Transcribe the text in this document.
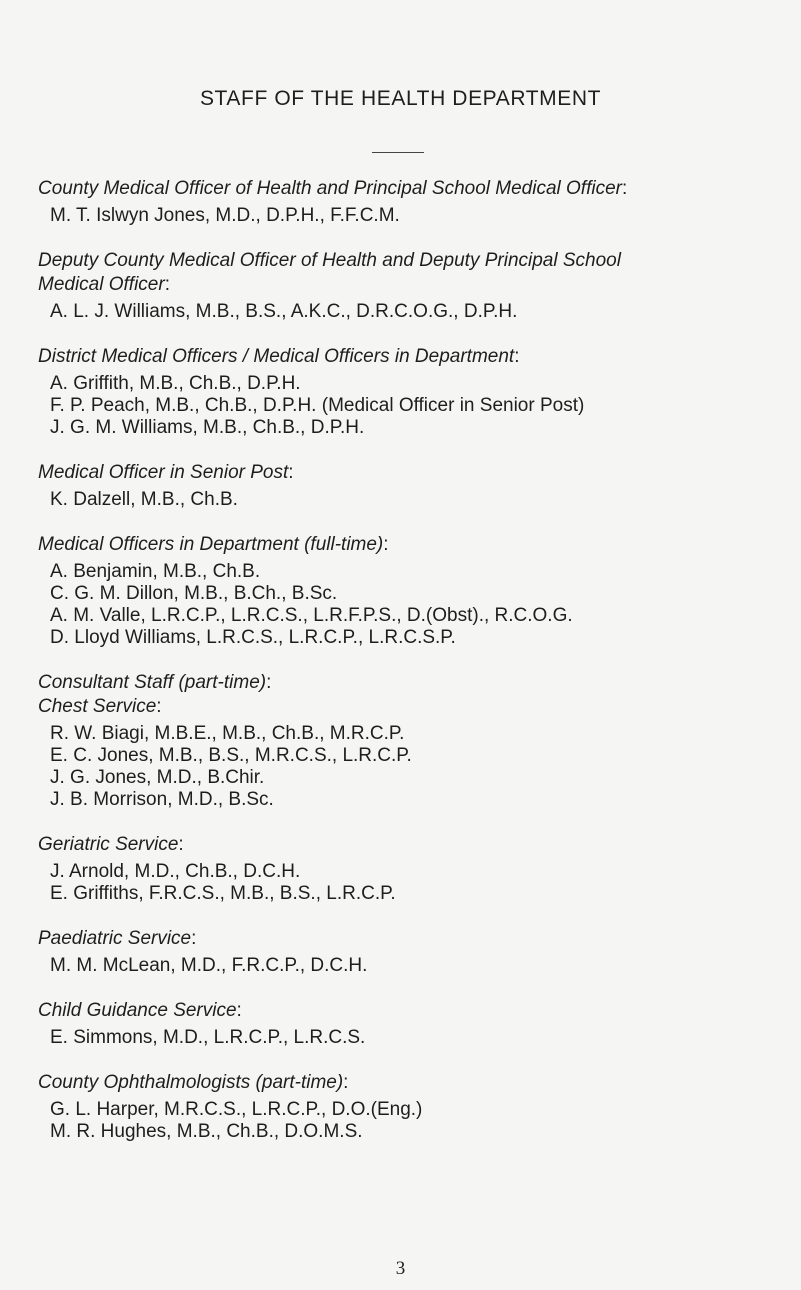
STAFF OF THE HEALTH DEPARTMENT

County Medical Officer of Health and Principal School Medical Officer:

M. T. Islwyn Jones, M.D., D.P.H., F.F.C.M.

Deputy County Medical Officer of Health and Deputy Principal School

Medical Officer:

A. L. J. Williams, M.B., B.S., A.K.C., D.R.C.O.G., D.P.H.

District Medical Officers / Medical Officers in Department:

A. Griffith, M.B., Ch.B., D.P.H.

F. P. Peach, M.B., Ch.B., D.P.H. (Medical Officer in Senior Post)

J. G. M. Williams, M.B., Ch.B., D.P.H.

Medical Officer in Senior Post:

K. Dalzell, M.B., Ch.B.

Medical Officers in Department (full-time):

A. Benjamin, M.B., Ch.B.

C. G. M. Dillon, M.B., B.Ch., B.Sc.

A. M. Valle, L.R.C.P., L.R.C.S., L.R.F.P.S., D.(Obst)., R.C.O.G.

D. Lloyd Williams, L.R.C.S., L.R.C.P., L.R.C.S.P.

Consultant Staff (part-time):

Chest Service:

R. W. Biagi, M.B.E., M.B., Ch.B., M.R.C.P.

E. C. Jones, M.B., B.S., M.R.C.S., L.R.C.P.

J. G. Jones, M.D., B.Chir.

J. B. Morrison, M.D., B.Sc.

Geriatric Service:

J. Arnold, M.D., Ch.B., D.C.H.

E. Griffiths, F.R.C.S., M.B., B.S., L.R.C.P.

Paediatric Service:

M. M. McLean, M.D., F.R.C.P., D.C.H.

Child Guidance Service:

E. Simmons, M.D., L.R.C.P., L.R.C.S.

County Ophthalmologists (part-time):

G. L. Harper, M.R.C.S., L.R.C.P., D.O.(Eng.)

M. R. Hughes, M.B., Ch.B., D.O.M.S.

3
